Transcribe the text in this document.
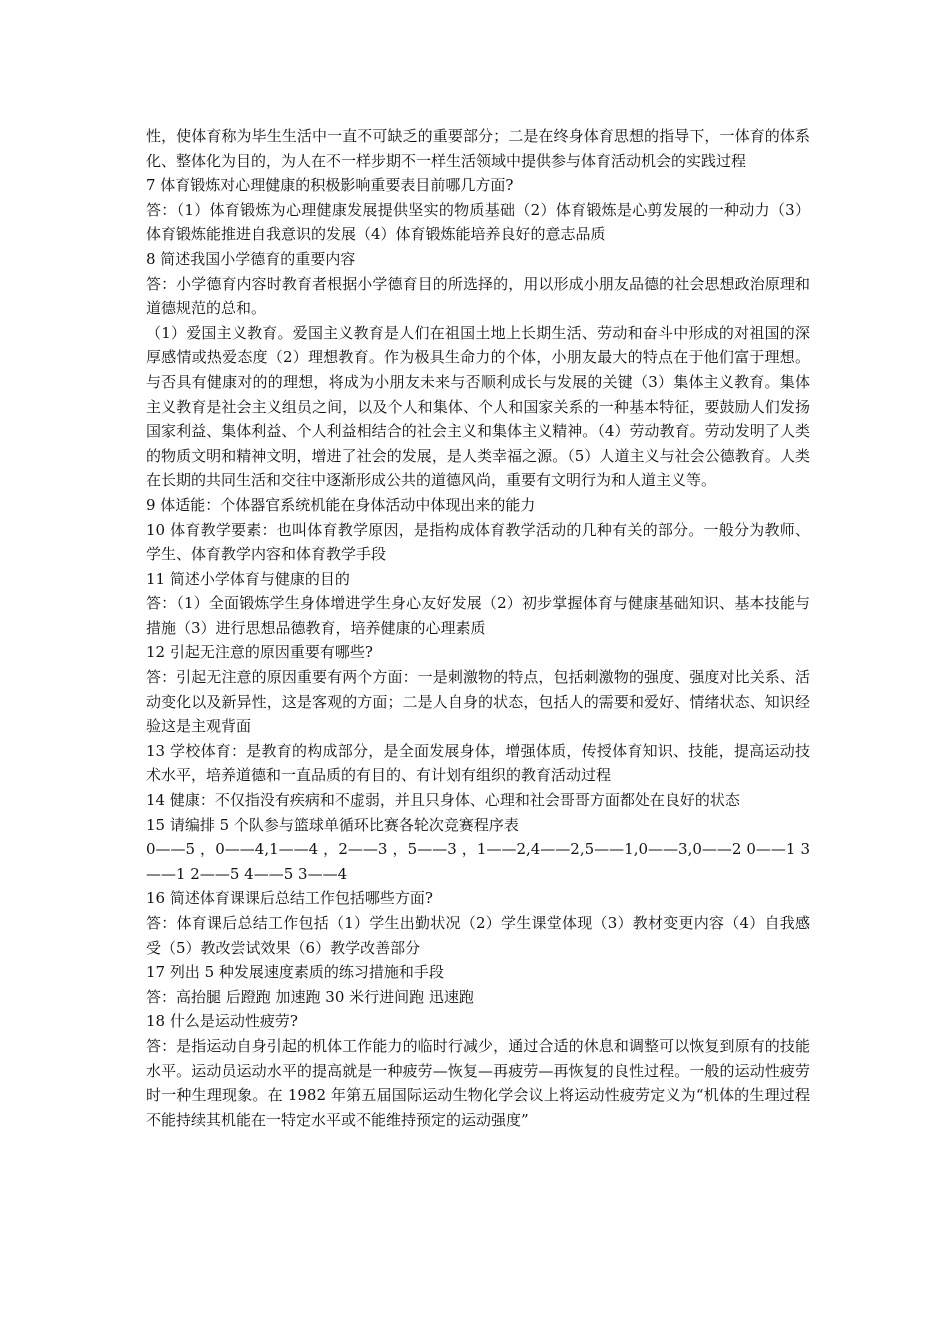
性，使体育称为毕生生活中一直不可缺乏的重要部分；二是在终身体育思想的指导下，一体育的体系化、整体化为目的，为人在不一样步期不一样生活领域中提供参与体育活动机会的实践过程

7 体育锻炼对心理健康的积极影响重要表目前哪几方面?

答：（1）体育锻炼为心理健康发展提供坚实的物质基础（2）体育锻炼是心剪发展的一种动力（3）体育锻炼能推进自我意识的发展（4）体育锻炼能培养良好的意志品质

8 简述我国小学德育的重要内容

答：小学德育内容时教育者根据小学德育目的所选择的，用以形成小朋友品德的社会思想政治原理和道德规范的总和。

（1）爱国主义教育。爱国主义教育是人们在祖国土地上长期生活、劳动和奋斗中形成的对祖国的深厚感情或热爱态度（2）理想教育。作为极具生命力的个体，小朋友最大的特点在于他们富于理想。与否具有健康对的的理想，将成为小朋友未来与否顺利成长与发展的关键（3）集体主义教育。集体主义教育是社会主义组员之间，以及个人和集体、个人和国家关系的一种基本特征，要鼓励人们发扬国家利益、集体利益、个人利益相结合的社会主义和集体主义精神。（4）劳动教育。劳动发明了人类的物质文明和精神文明，增进了社会的发展，是人类幸福之源。（5）人道主义与社会公德教育。人类在长期的共同生活和交往中逐渐形成公共的道德风尚，重要有文明行为和人道主义等。

9 体适能：个体器官系统机能在身体活动中体现出来的能力

10 体育教学要素：也叫体育教学原因，是指构成体育教学活动的几种有关的部分。一般分为教师、学生、体育教学内容和体育教学手段

11 简述小学体育与健康的目的

答：（1）全面锻炼学生身体增进学生身心友好发展（2）初步掌握体育与健康基础知识、基本技能与措施（3）进行思想品德教育，培养健康的心理素质

12 引起无注意的原因重要有哪些?

答：引起无注意的原因重要有两个方面：一是刺激物的特点，包括刺激物的强度、强度对比关系、活动变化以及新异性，这是客观的方面；二是人自身的状态，包括人的需要和爱好、情绪状态、知识经验这是主观背面

13 学校体育：是教育的构成部分，是全面发展身体，增强体质，传授体育知识、技能，提高运动技术水平，培养道德和一直品质的有目的、有计划有组织的教育活动过程

14 健康：不仅指没有疾病和不虚弱，并且只身体、心理和社会哥哥方面都处在良好的状态

15 请编排 5 个队参与篮球单循环比赛各轮次竞赛程序表

0——5 ，0——4,1——4 ，2——3 ，5——3 ，1——2,4——2,5——1,0——3,0——2 0——1 3——1 2——5 4——5 3——4

16 简述体育课课后总结工作包括哪些方面?

答：体育课后总结工作包括（1）学生出勤状况（2）学生课堂体现（3）教材变更内容（4）自我感受（5）教改尝试效果（6）教学改善部分

17 列出 5 种发展速度素质的练习措施和手段

答：高抬腿 后蹬跑 加速跑 30 米行进间跑 迅速跑

18 什么是运动性疲劳?

答：是指运动自身引起的机体工作能力的临时行减少，通过合适的休息和调整可以恢复到原有的技能水平。运动员运动水平的提高就是一种疲劳—恢复—再疲劳—再恢复的良性过程。一般的运动性疲劳时一种生理现象。在 1982 年第五届国际运动生物化学会议上将运动性疲劳定义为“机体的生理过程不能持续其机能在一特定水平或不能维持预定的运动强度”
